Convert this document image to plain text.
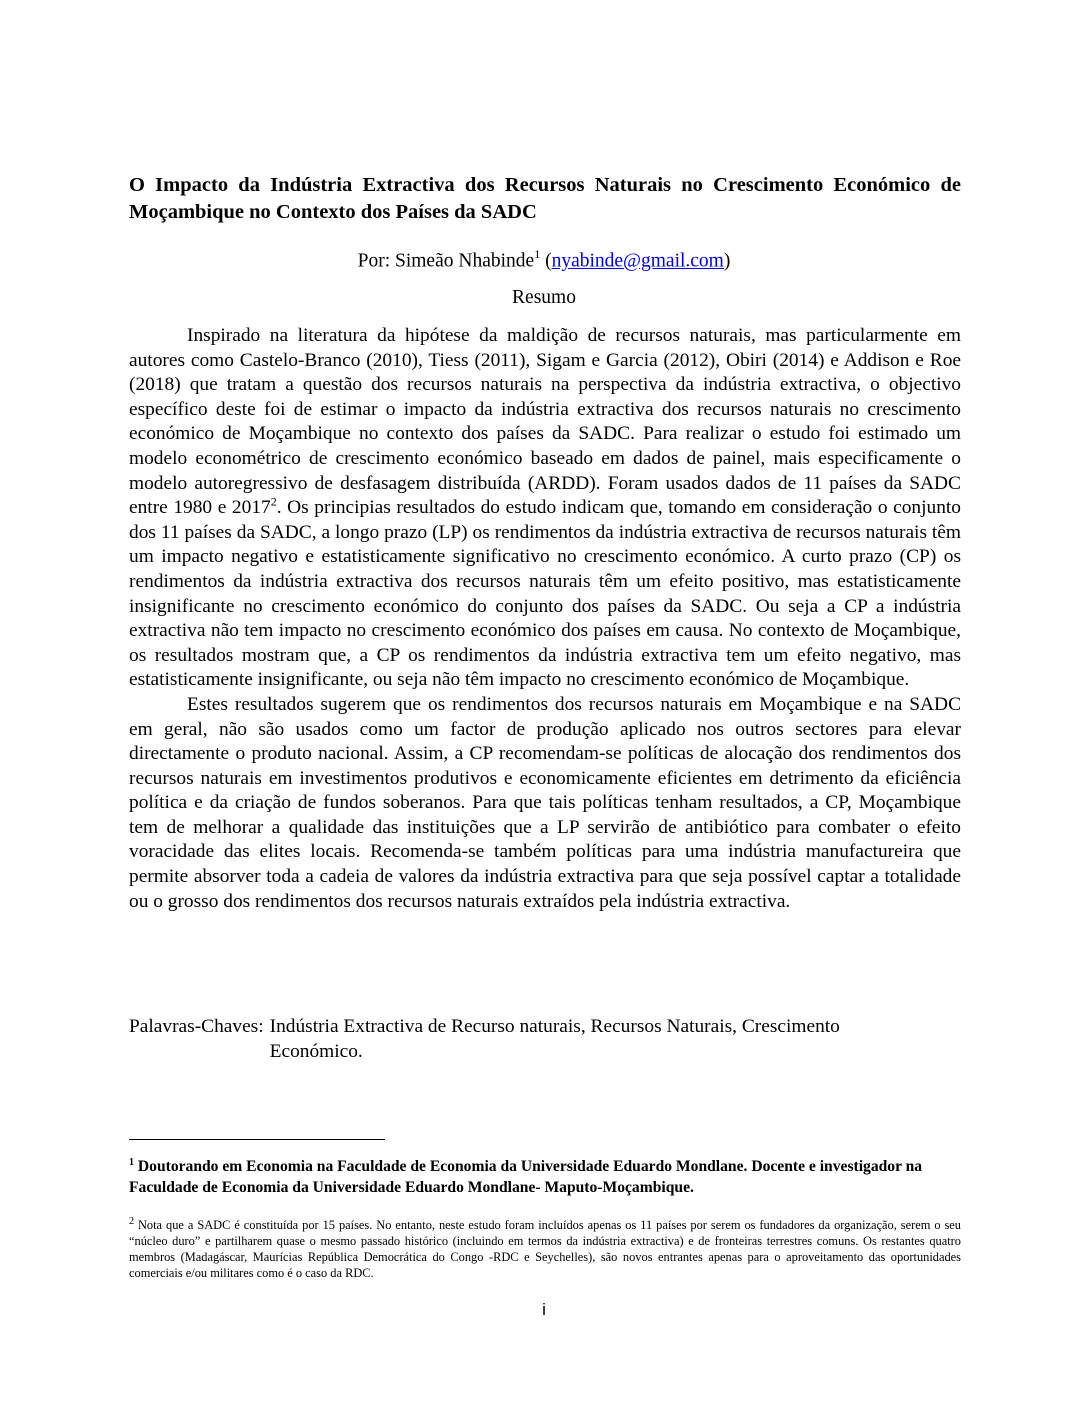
O Impacto da Indústria Extractiva dos Recursos Naturais no Crescimento Económico de Moçambique no Contexto dos Países da SADC
Por: Simeão Nhabinde$^1$ (nyabinde@gmail.com)
Resumo

Inspirado na literatura da hipótese da maldição de recursos naturais, mas particularmente em autores como Castelo-Branco (2010), Tiess (2011), Sigam e Garcia (2012), Obiri (2014) e Addison e Roe (2018) que tratam a questão dos recursos naturais na perspectiva da indústria extractiva, o objectivo específico deste foi de estimar o impacto da indústria extractiva dos recursos naturais no crescimento económico de Moçambique no contexto dos países da SADC. Para realizar o estudo foi estimado um modelo econométrico de crescimento económico baseado em dados de painel, mais especificamente o modelo autoregressivo de desfasagem distribuída (ARDD). Foram usados dados de 11 países da SADC entre 1980 e 2017$^2$. Os principias resultados do estudo indicam que, tomando em consideração o conjunto dos 11 países da SADC, a longo prazo (LP) os rendimentos da indústria extractiva de recursos naturais têm um impacto negativo e estatisticamente significativo no crescimento económico. A curto prazo (CP) os rendimentos da indústria extractiva dos recursos naturais têm um efeito positivo, mas estatisticamente insignificante no crescimento económico do conjunto dos países da SADC. Ou seja a CP a indústria extractiva não tem impacto no crescimento económico dos países em causa. No contexto de Moçambique, os resultados mostram que, a CP os rendimentos da indústria extractiva tem um efeito negativo, mas estatisticamente insignificante, ou seja não têm impacto no crescimento económico de Moçambique.

Estes resultados sugerem que os rendimentos dos recursos naturais em Moçambique e na SADC em geral, não são usados como um factor de produção aplicado nos outros sectores para elevar directamente o produto nacional. Assim, a CP recomendam-se políticas de alocação dos rendimentos dos recursos naturais em investimentos produtivos e economicamente eficientes em detrimento da eficiência política e da criação de fundos soberanos. Para que tais políticas tenham resultados, a CP, Moçambique tem de melhorar a qualidade das instituições que a LP servirão de antibiótico para combater o efeito voracidade das elites locais. Recomenda-se também políticas para uma indústria manufactureira que permite absorver toda a cadeia de valores da indústria extractiva para que seja possível captar a totalidade ou o grosso dos rendimentos dos recursos naturais extraídos pela indústria extractiva.

Palavras-Chaves: Indústria Extractiva de Recurso naturais, Recursos Naturais, Crescimento Económico.
$^1$ Doutorando em Economia na Faculdade de Economia da Universidade Eduardo Mondlane. Docente e investigador na Faculdade de Economia da Universidade Eduardo Mondlane- Maputo-Moçambique.
$^2$ Nota que a SADC é constituída por 15 países. No entanto, neste estudo foram incluídos apenas os 11 países por serem os fundadores da organização, serem o seu “núcleo duro” e partilharem quase o mesmo passado histórico (incluindo em termos da indústria extractiva) e de fronteiras terrestres comuns. Os restantes quatro membros (Madagáscar, Maurícias República Democrática do Congo -RDC e Seychelles), são novos entrantes apenas para o aproveitamento das oportunidades comerciais e/ou militares como é o caso da RDC.
i
